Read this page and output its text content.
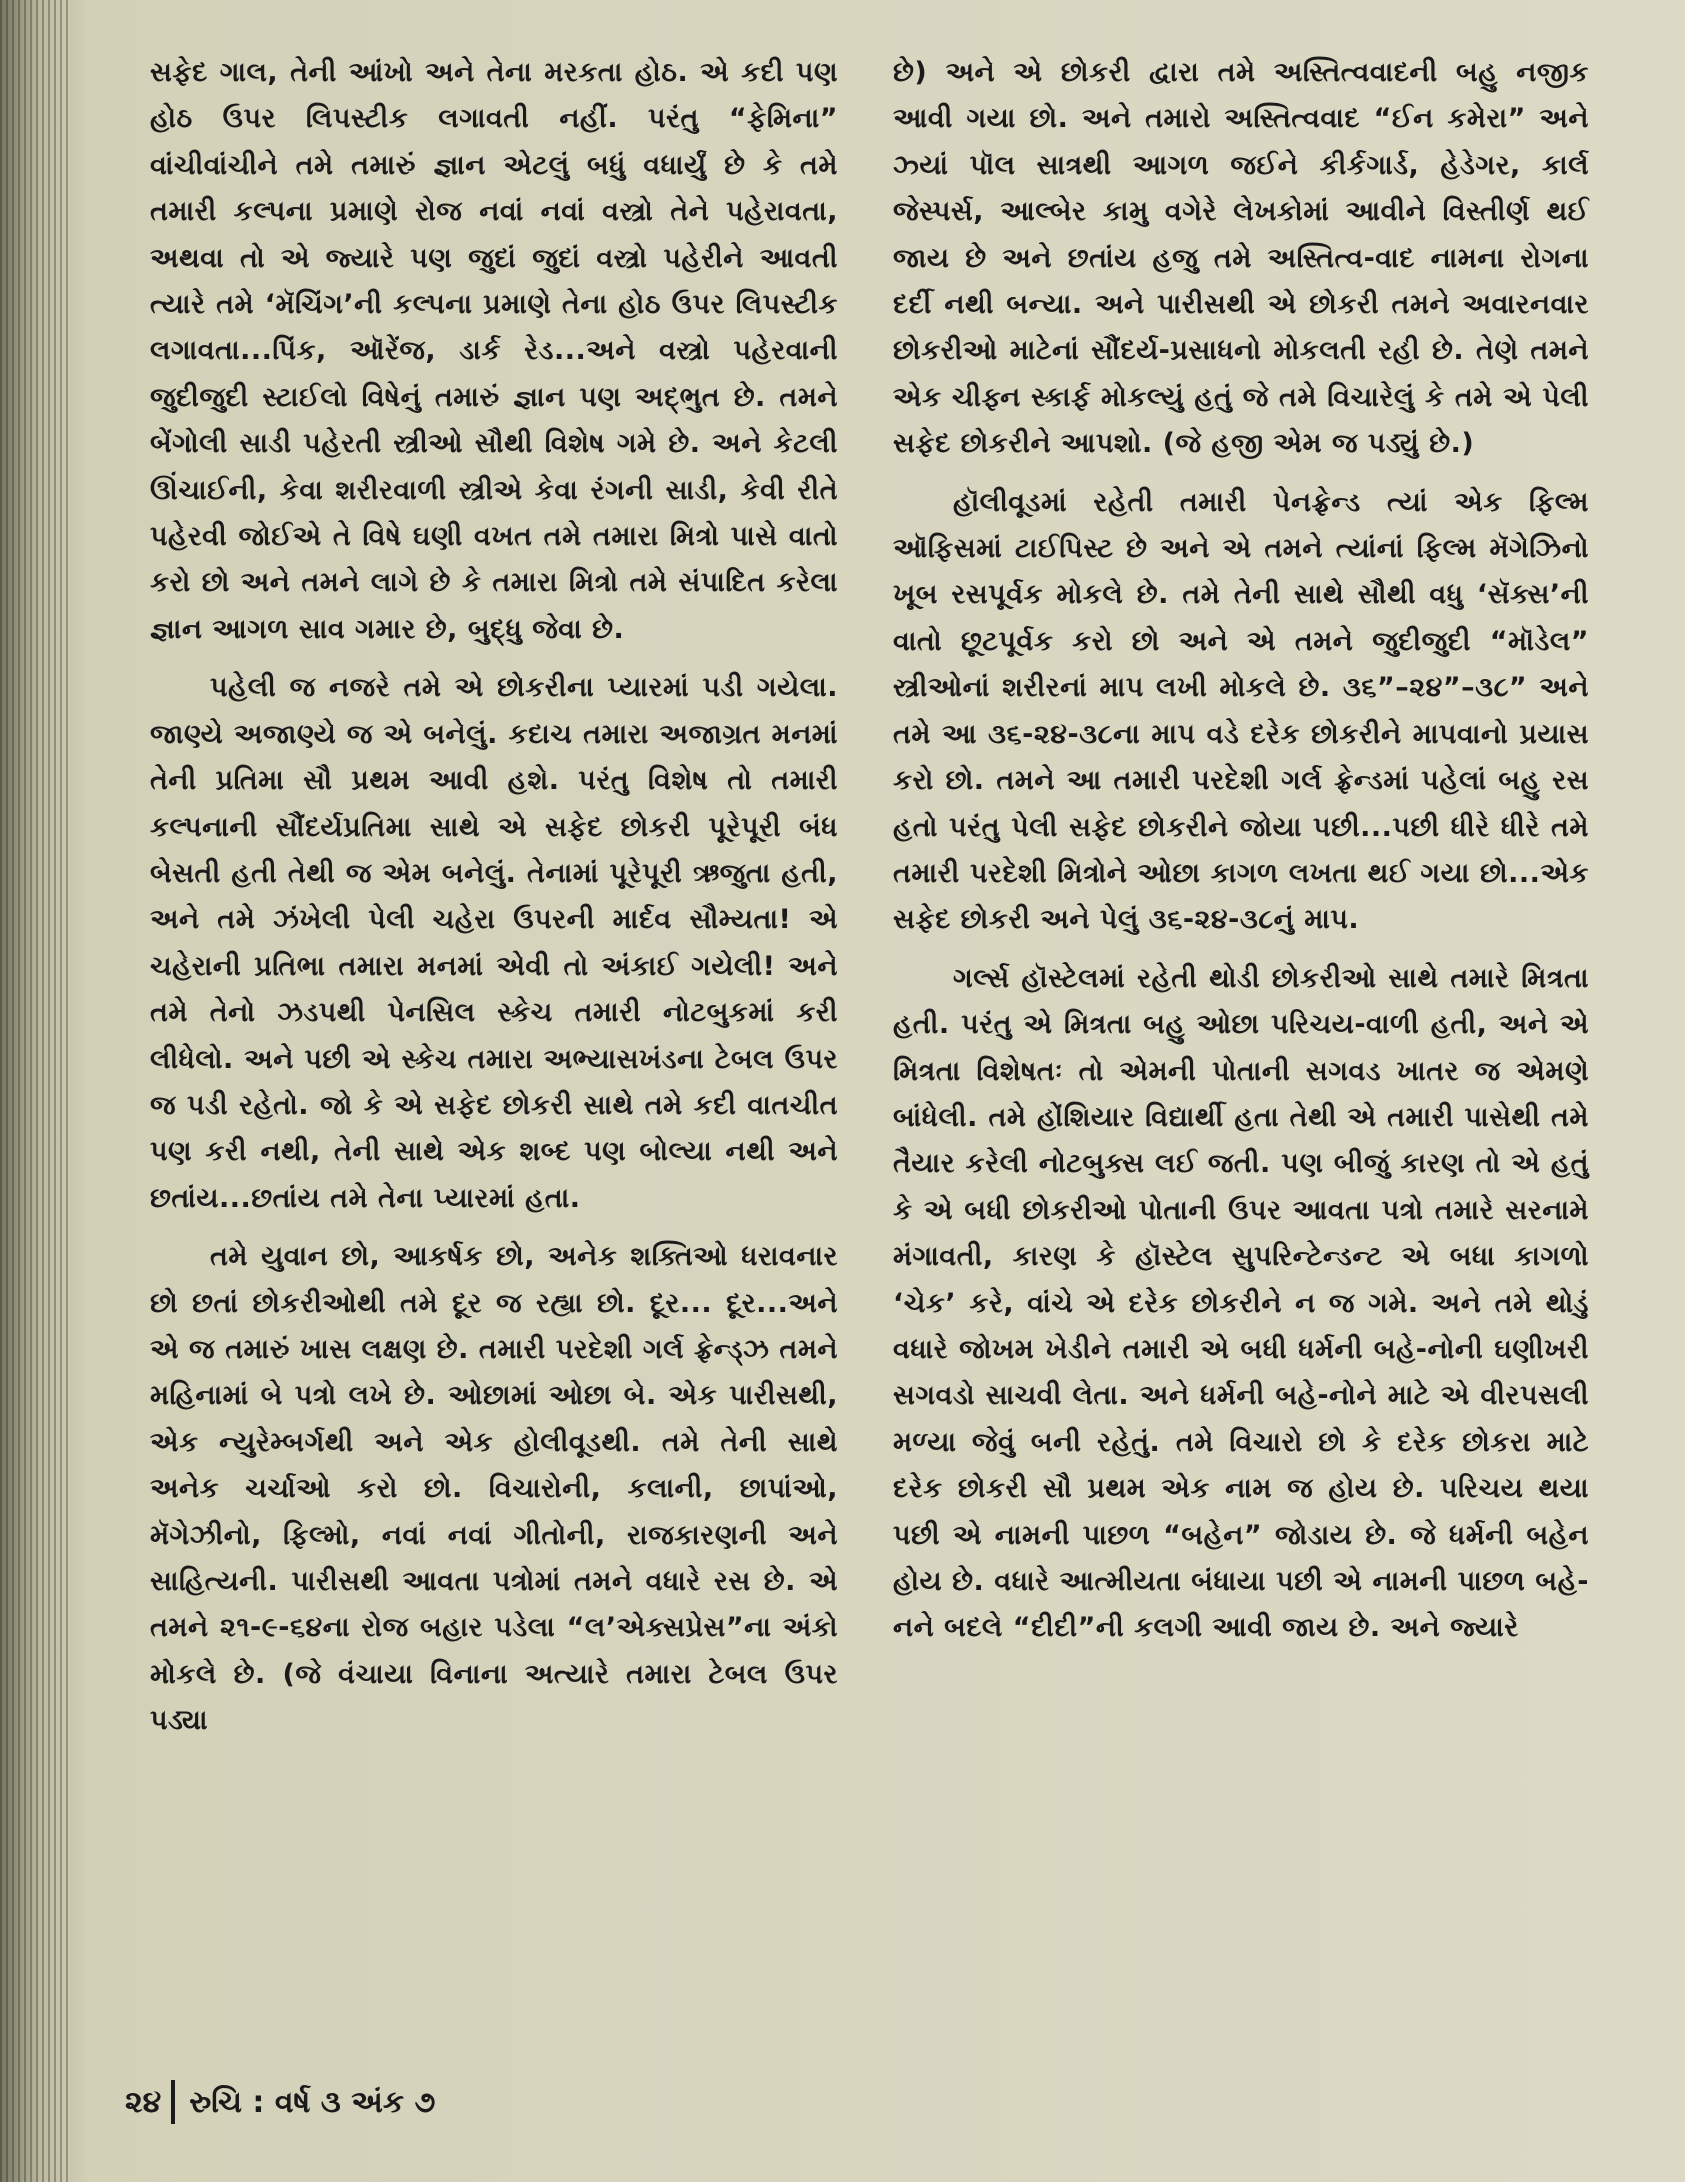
સફેદ ગાલ, તેની આંખો અને તેના મરકતા હોઠ. એ કદી પણ હોઠ ઉપર લિપસ્ટીક લગાવતી નહીં. પરંતુ “ફેમિના” વાંચીવાંચીને તમે તમારું જ્ઞાન એટલું બધું વધાર્યું છે કે તમે તમારી કલ્પના પ્રમાણે રોજ નવાં નવાં વસ્ત્રો તેને પહેરાવતા, અથવા તો એ જ્યારે પણ જુદાં જુદાં વસ્ત્રો પહેરીને આવતી ત્યારે તમે ‘મૅચિંગ’ની કલ્પના પ્રમાણે તેના હોઠ ઉપર લિપસ્ટીક લગાવતા...પિંક, ઑરેંજ, ડાર્ક રેડ...અને વસ્ત્રો પહેરવાની જુદીજુદી સ્ટાઈલો વિષેનું તમારું જ્ઞાન પણ અદ્‌ભુત છે. તમને બેંગોલી સાડી પહેરતી સ્ત્રીઓ સૌથી વિશેષ ગમે છે. અને કેટલી ઊંચાઈની, કેવા શરીરવાળી સ્ત્રીએ કેવા રંગની સાડી, કેવી રીતે પહેરવી જોઈએ તે વિષે ઘણી વખત તમે તમારા મિત્રો પાસે વાતો કરો છો અને તમને લાગે છે કે તમારા મિત્રો તમે સંપાદિત કરેલા જ્ઞાન આગળ સાવ ગમાર છે, બુદ્ધુ જેવા છે.

પહેલી જ નજરે તમે એ છોકરીના પ્યારમાં પડી ગયેલા. જાણ્યે અજાણ્યે જ એ બનેલું. કદાચ તમારા અજાગ્રત મનમાં તેની પ્રતિમા સૌ પ્રથમ આવી હશે. પરંતુ વિશેષ તો તમારી કલ્પનાની સૌંદર્યપ્રતિમા સાથે એ સફેદ છોકરી પૂરેપૂરી બંધ બેસતી હતી તેથી જ એમ બનેલું. તેનામાં પૂરેપૂરી ઋજુતા હતી, અને તમે ઝંખેલી પેલી ચહેરા ઉપરની માર્દવ સૌમ્યતા! એ ચહેરાની પ્રતિભા તમારા મનમાં એવી તો અંકાઈ ગયેલી! અને તમે તેનો ઝડપથી પેનસિલ સ્કેચ તમારી નોટબુકમાં કરી લીધેલો. અને પછી એ સ્કેચ તમારા અભ્યાસખંડના ટેબલ ઉપર જ પડી રહેતો. જો કે એ સફેદ છોકરી સાથે તમે કદી વાતચીત પણ કરી નથી, તેની સાથે એક શબ્દ પણ બોલ્યા નથી અને છતાંય...છતાંય તમે તેના પ્યારમાં હતા.

તમે યુવાન છો, આકર્ષક છો, અનેક શક્તિઓ ધરાવનાર છો છતાં છોકરીઓથી તમે દૂર જ રહ્યા છો. દૂર... દૂર...અને એ જ તમારું ખાસ લક્ષણ છે. તમારી પરદેશી ગર્લ ફ્રેન્ડ્ઝ તમને મહિનામાં બે પત્રો લખે છે. ઓછામાં ઓછા બે. એક પારીસથી, એક ન્યુરેમ્બર્ગથી અને એક હોલીવૂડથી. તમે તેની સાથે અનેક ચર્ચાઓ કરો છો. વિચારોની, કલાની, છાપાંઓ, મૅગેઝીનો, ફિલ્મો, નવાં નવાં ગીતોની, રાજકારણની અને સાહિત્યની. પારીસથી આવતા પત્રોમાં તમને વધારે રસ છે. એ તમને ૨૧-૯-૬૪ના રોજ બહાર પડેલા “લ’એક્સપ્રેસ”ના અંકો મોકલે છે. (જે વંચાયા વિનાના અત્યારે તમારા ટેબલ ઉપર પડ્યા

છે) અને એ છોકરી દ્વારા તમે અસ્તિત્વવાદની બહુ નજીક આવી ગયા છો. અને તમારો અસ્તિત્વવાદ “ઈન કમેરા” અને ઝ્યાં પૉલ સાત્રથી આગળ જઈને કીર્કગાર્ડ, હેડેગર, કાર્લ જેસ્પર્સ, આલ્બેર કામુ વગેરે લેખકોમાં આવીને વિસ્તીર્ણ થઈ જાય છે અને છતાંય હજુ તમે અસ્તિત્વ-વાદ નામના રોગના દર્દી નથી બન્યા. અને પારીસથી એ છોકરી તમને અવારનવાર છોકરીઓ માટેનાં સૌંદર્ય-પ્રસાધનો મોકલતી રહી છે. તેણે તમને એક ચીફ્ન સ્કાર્ફ મોકલ્યું હતું જે તમે વિચારેલું કે તમે એ પેલી સફેદ છોકરીને આપશો. (જે હજી એમ જ પડ્યું છે.)

હૉલીવૂડમાં રહેતી તમારી પેનફ્રેન્ડ ત્યાં એક ફિલ્મ ઑફિસમાં ટાઈપિસ્ટ છે અને એ તમને ત્યાંનાં ફિલ્મ મૅગેઝિનો ખૂબ રસપૂર્વક મોકલે છે. તમે તેની સાથે સૌથી વધુ ‘સૅક્સ’ની વાતો છૂટપૂર્વક કરો છો અને એ તમને જુદીજુદી “મૉડેલ” સ્ત્રીઓનાં શરીરનાં માપ લખી મોકલે છે. ૩૬”–૨૪”–૩૮” અને તમે આ ૩૬-૨૪-૩૮ના માપ વડે દરેક છોકરીને માપવાનો પ્રયાસ કરો છો. તમને આ તમારી પરદેશી ગર્લ ફ્રેન્ડમાં પહેલાં બહુ રસ હતો પરંતુ પેલી સફેદ છોકરીને જોયા પછી...પછી ધીરે ધીરે તમે તમારી પરદેશી મિત્રોને ઓછા કાગળ લખતા થઈ ગયા છો...એક સફેદ છોકરી અને પેલું ૩૬-૨૪-૩૮નું માપ.

ગર્લ્સ હૉસ્ટેલમાં રહેતી થોડી છોકરીઓ સાથે તમારે મિત્રતા હતી. પરંતુ એ મિત્રતા બહુ ઓછા પરિચય-વાળી હતી, અને એ મિત્રતા વિશેષતઃ તો એમની પોતાની સગવડ ખાતર જ એમણે બાંધેલી. તમે હોંશિયાર વિદ્યાર્થી હતા તેથી એ તમારી પાસેથી તમે તૈયાર કરેલી નોટબુક્સ લઈ જતી. પણ બીજું કારણ તો એ હતું કે એ બધી છોકરીઓ પોતાની ઉપર આવતા પત્રો તમારે સરનામે મંગાવતી, કારણ કે હૉસ્ટેલ સુપરિન્ટેન્ડન્ટ એ બધા કાગળો ‘ચેક’ કરે, વાંચે એ દરેક છોકરીને ન જ ગમે. અને તમે થોડું વધારે જોખમ ખેડીને તમારી એ બધી ધર્મની બહે-નોની ઘણીખરી સગવડો સાચવી લેતા. અને ધર્મની બહે-નોને માટે એ વીરપસલી મળ્યા જેવું બની રહેતું. તમે વિચારો છો કે દરેક છોકરા માટે દરેક છોકરી સૌ પ્રથમ એક નામ જ હોય છે. પરિચય થયા પછી એ નામની પાછળ “બહેન” જોડાય છે. જે ધર્મની બહેન હોય છે. વધારે આત્મીયતા બંધાયા પછી એ નામની પાછળ બહે-નને બદલે “દીદી”ની કલગી આવી જાય છે. અને જ્યારે

૨૪ રુચિ : વર્ષ ૩ અંક ૭
